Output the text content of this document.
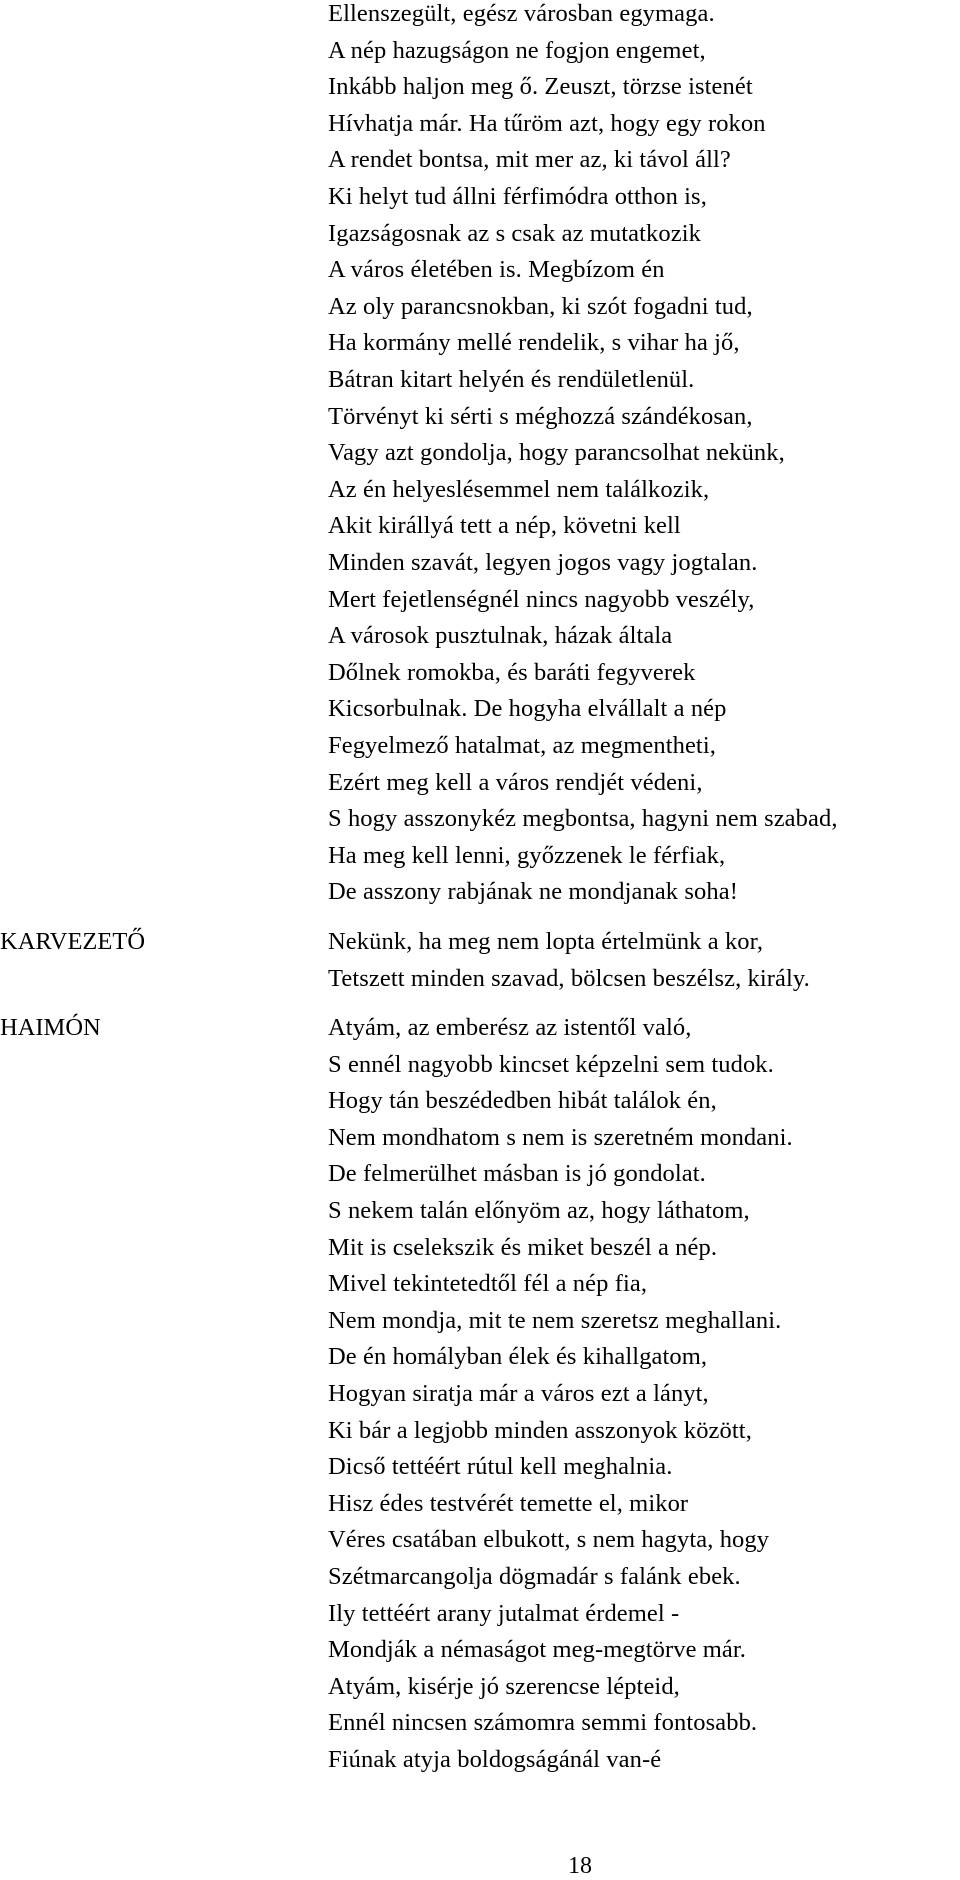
Ellenszegült, egész városban egymaga.
A nép hazugságon ne fogjon engemet,
Inkább haljon meg ő. Zeuszt, törzse istenét
Hívhatja már. Ha tűröm azt, hogy egy rokon
A rendet bontsa, mit mer az, ki távol áll?
Ki helyt tud állni férfimódra otthon is,
Igazságosnak az s csak az mutatkozik
A város életében is. Megbízom én
Az oly parancsnokban, ki szót fogadni tud,
Ha kormány mellé rendelik, s vihar ha jő,
Bátran kitart helyén és rendületlenül.
Törvényt ki sérti s méghozzá szándékosan,
Vagy azt gondolja, hogy parancsolhat nekünk,
Az én helyeslésemmel nem találkozik,
Akit királlyá tett a nép, követni kell
Minden szavát, legyen jogos vagy jogtalan.
Mert fejetlenségnél nincs nagyobb veszély,
A városok pusztulnak, házak általa
Dőlnek romokba, és baráti fegyverek
Kicsorbulnak. De hogyha elvállalt a nép
Fegyelmező hatalmat, az megmentheti,
Ezért meg kell a város rendjét védeni,
S hogy asszonykéz megbontsa, hagyni nem szabad,
Ha meg kell lenni, győzzenek le férfiak,
De asszony rabjának ne mondjanak soha!
KARVEZETŐ	Nekünk, ha meg nem lopta értelmünk a kor,
Tetszett minden szavad, bölcsen beszélsz, király.
HAIMÓN	Atyám, az emberész az istentől való,
S ennél nagyobb kincset képzelni sem tudok.
Hogy tán beszédedben hibát találok én,
Nem mondhatom s nem is szeretném mondani.
De felmerülhet másban is jó gondolat.
S nekem talán előnyöm az, hogy láthatom,
Mit is cselekszik és miket beszél a nép.
Mivel tekintetedtől fél a nép fia,
Nem mondja, mit te nem szeretsz meghallani.
De én homályban élek és kihallgatom,
Hogyan siratja már a város ezt a lányt,
Ki bár a legjobb minden asszonyok között,
Dicső tettéért rútul kell meghalnia.
Hisz édes testvérét temette el, mikor
Véres csatában elbukott, s nem hagyta, hogy
Szétmarcangolja dögmadár s falánk ebek.
Ily tettéért arany jutalmat érdemel -
Mondják a némaságot meg-megtörve már.
Atyám, kisérje jó szerencse lépteid,
Ennél nincsen számomra semmi fontosabb.
Fiúnak atyja boldogságánál van-é
18
